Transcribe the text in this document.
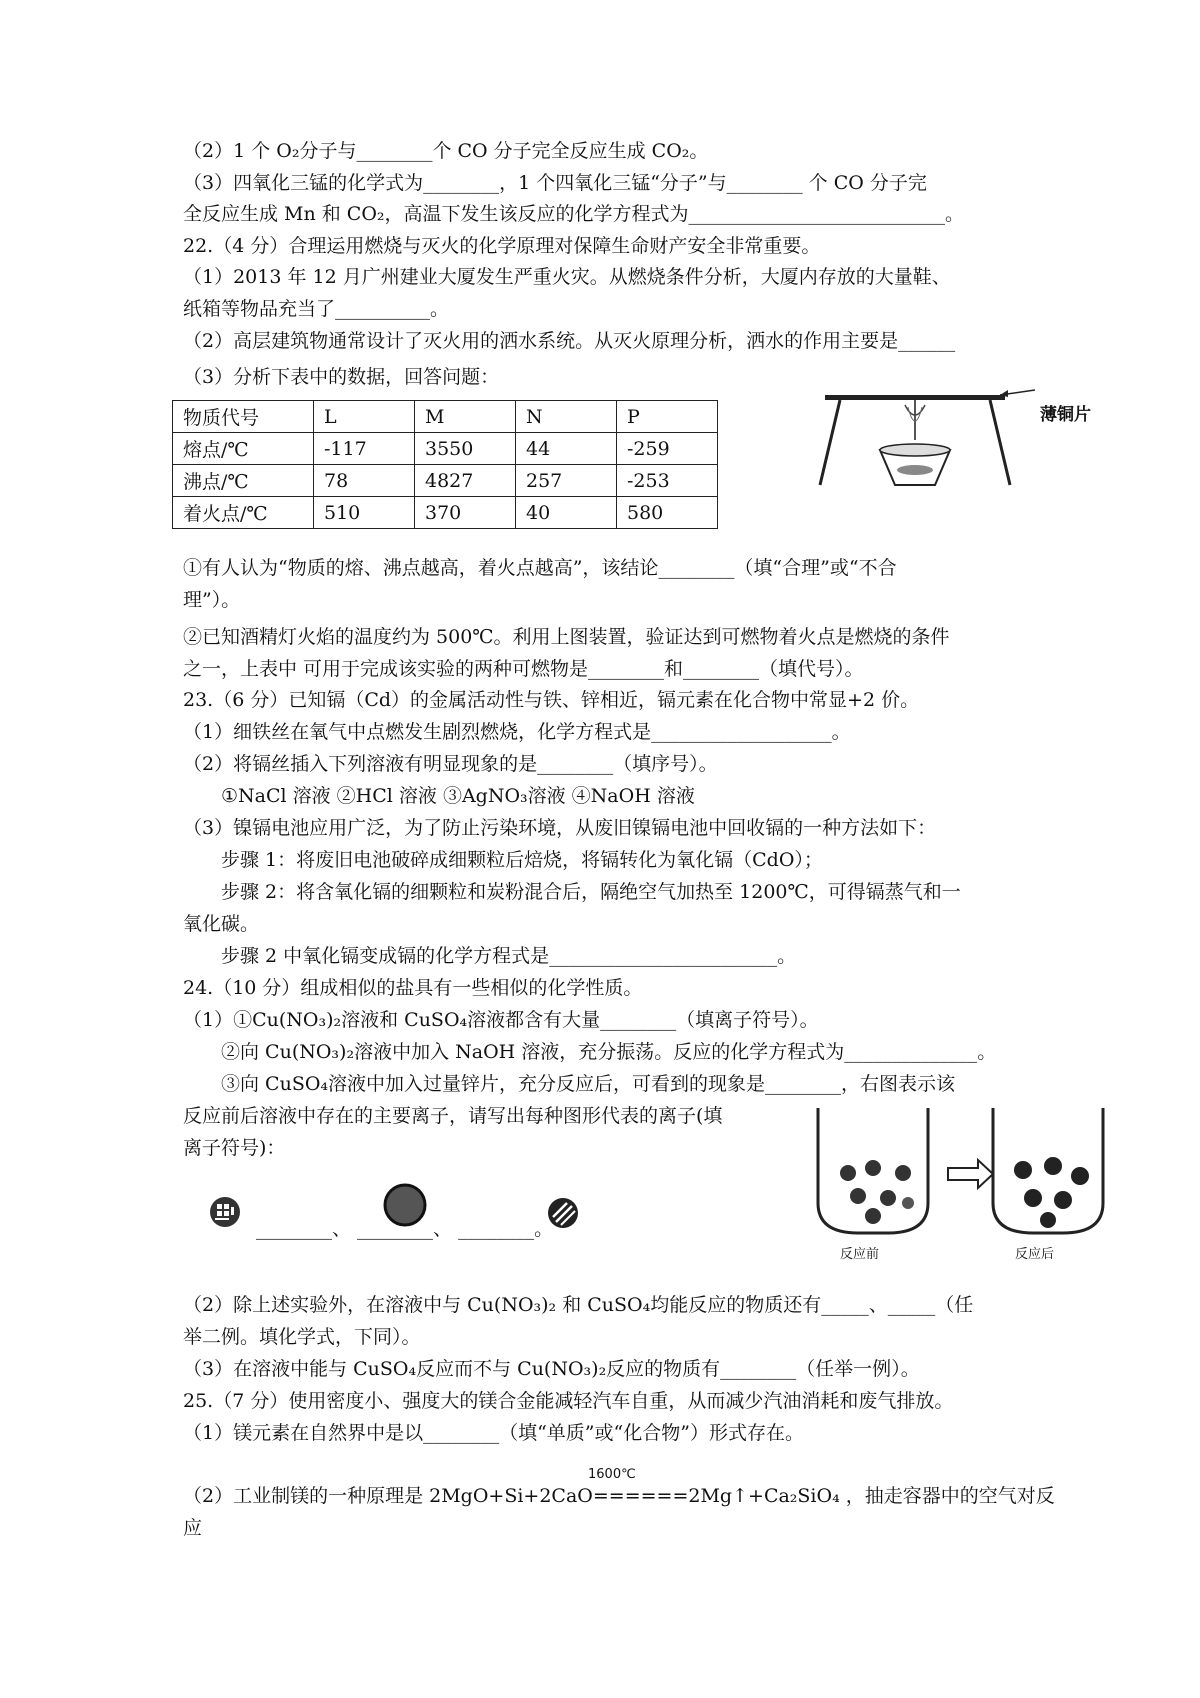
（2）1 个 O₂分子与________个 CO 分子完全反应生成 CO₂。
（3）四氧化三锰的化学式为________，1 个四氧化三锰“分子”与________ 个 CO 分子完
全反应生成 Mn 和 CO₂，高温下发生该反应的化学方程式为___________________________。
22.（4 分）合理运用燃烧与灭火的化学原理对保障生命财产安全非常重要。
（1）2013 年 12 月广州建业大厦发生严重火灾。从燃烧条件分析，大厦内存放的大量鞋、
纸箱等物品充当了__________。
（2）高层建筑物通常设计了灭火用的洒水系统。从灭火原理分析，洒水的作用主要是______
（3）分析下表中的数据，回答问题：
物质代号	L	M	N	P
熔点/℃	-117	3550	44	-259
沸点/℃	78	4827	257	-253
着火点/℃	510	370	40	580
薄铜片
①有人认为“物质的熔、沸点越高，着火点越高”，该结论________（填“合理”或“不合
理”）。
②已知酒精灯火焰的温度约为 500℃。利用上图装置，验证达到可燃物着火点是燃烧的条件
之一，上表中 可用于完成该实验的两种可燃物是________和________（填代号）。
23.（6 分）已知镉（Cd）的金属活动性与铁、锌相近，镉元素在化合物中常显+2 价。
（1）细铁丝在氧气中点燃发生剧烈燃烧，化学方程式是___________________。
（2）将镉丝插入下列溶液有明显现象的是________（填序号）。
①NaCl 溶液 ②HCl 溶液 ③AgNO₃溶液 ④NaOH 溶液
（3）镍镉电池应用广泛，为了防止污染环境，从废旧镍镉电池中回收镉的一种方法如下：
步骤 1：将废旧电池破碎成细颗粒后焙烧，将镉转化为氧化镉（CdO）；
步骤 2：将含氧化镉的细颗粒和炭粉混合后，隔绝空气加热至 1200℃，可得镉蒸气和一
氧化碳。
步骤 2 中氧化镉变成镉的化学方程式是________________________。
24.（10 分）组成相似的盐具有一些相似的化学性质。
（1）①Cu(NO₃)₂溶液和 CuSO₄溶液都含有大量________（填离子符号）。
②向 Cu(NO₃)₂溶液中加入 NaOH 溶液，充分振荡。反应的化学方程式为______________。
③向 CuSO₄溶液中加入过量锌片，充分反应后，可看到的现象是________，右图表示该
反应前后溶液中存在的主要离子，请写出每种图形代表的离子(填
离子符号)：
________、 ________、 ________。
反应前	反应后
（2）除上述实验外，在溶液中与 Cu(NO₃)₂ 和 CuSO₄均能反应的物质还有_____、_____（任
举二例。填化学式，下同）。
（3）在溶液中能与 CuSO₄反应而不与 Cu(NO₃)₂反应的物质有________（任举一例）。
25.（7 分）使用密度小、强度大的镁合金能减轻汽车自重，从而减少汽油消耗和废气排放。
（1）镁元素在自然界中是以________（填“单质”或“化合物”）形式存在。
1600℃
（2）工业制镁的一种原理是 2MgO+Si+2CaO======2Mg↑+Ca₂SiO₄ ，抽走容器中的空气对反
应
